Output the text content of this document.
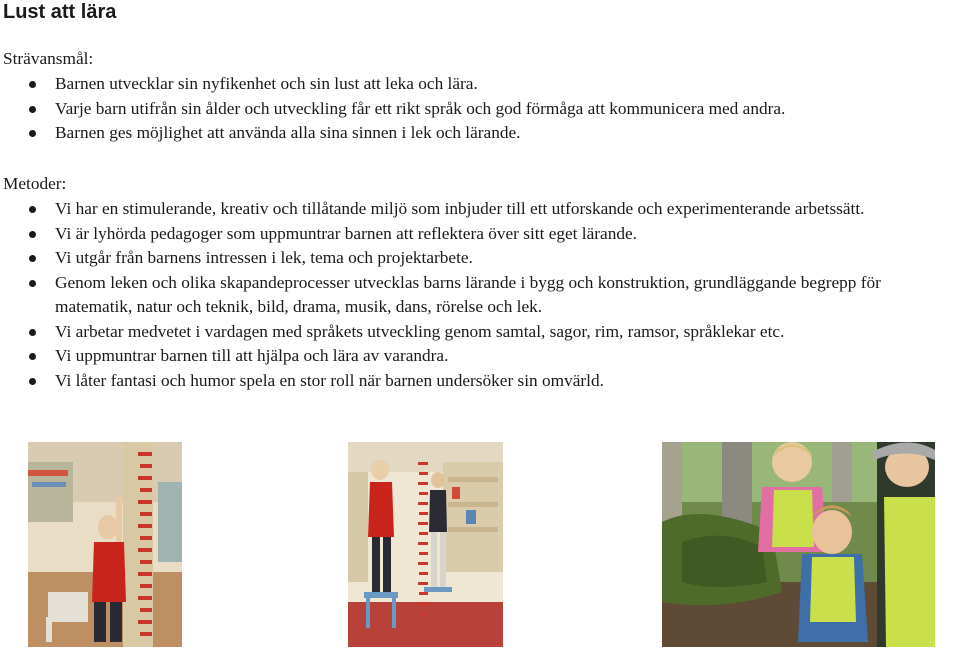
Lust att lära

Strävansmål:

Barnen utvecklar sin nyfikenhet och sin lust att leka och lära.
Varje barn utifrån sin ålder och utveckling får ett rikt språk och god förmåga att kommunicera med andra.
Barnen ges möjlighet att använda alla sina sinnen i lek och lärande.

Metoder:

Vi har en stimulerande, kreativ och tillåtande miljö som inbjuder till ett utforskande och experimenterande arbetssätt.
Vi är lyhörda pedagoger som uppmuntrar barnen att reflektera över sitt eget lärande.
Vi utgår från barnens intressen i lek, tema och projektarbete.
Genom leken och olika skapandeprocesser utvecklas barns lärande i bygg och konstruktion, grundläggande begrepp för matematik, natur och teknik, bild, drama, musik, dans, rörelse och lek.
Vi arbetar medvetet i vardagen med språkets utveckling genom samtal, sagor, rim, ramsor, språklekar etc.
Vi uppmuntrar barnen till att hjälpa och lära av varandra.
Vi låter fantasi och humor spela en stor roll när barnen undersöker sin omvärld.
